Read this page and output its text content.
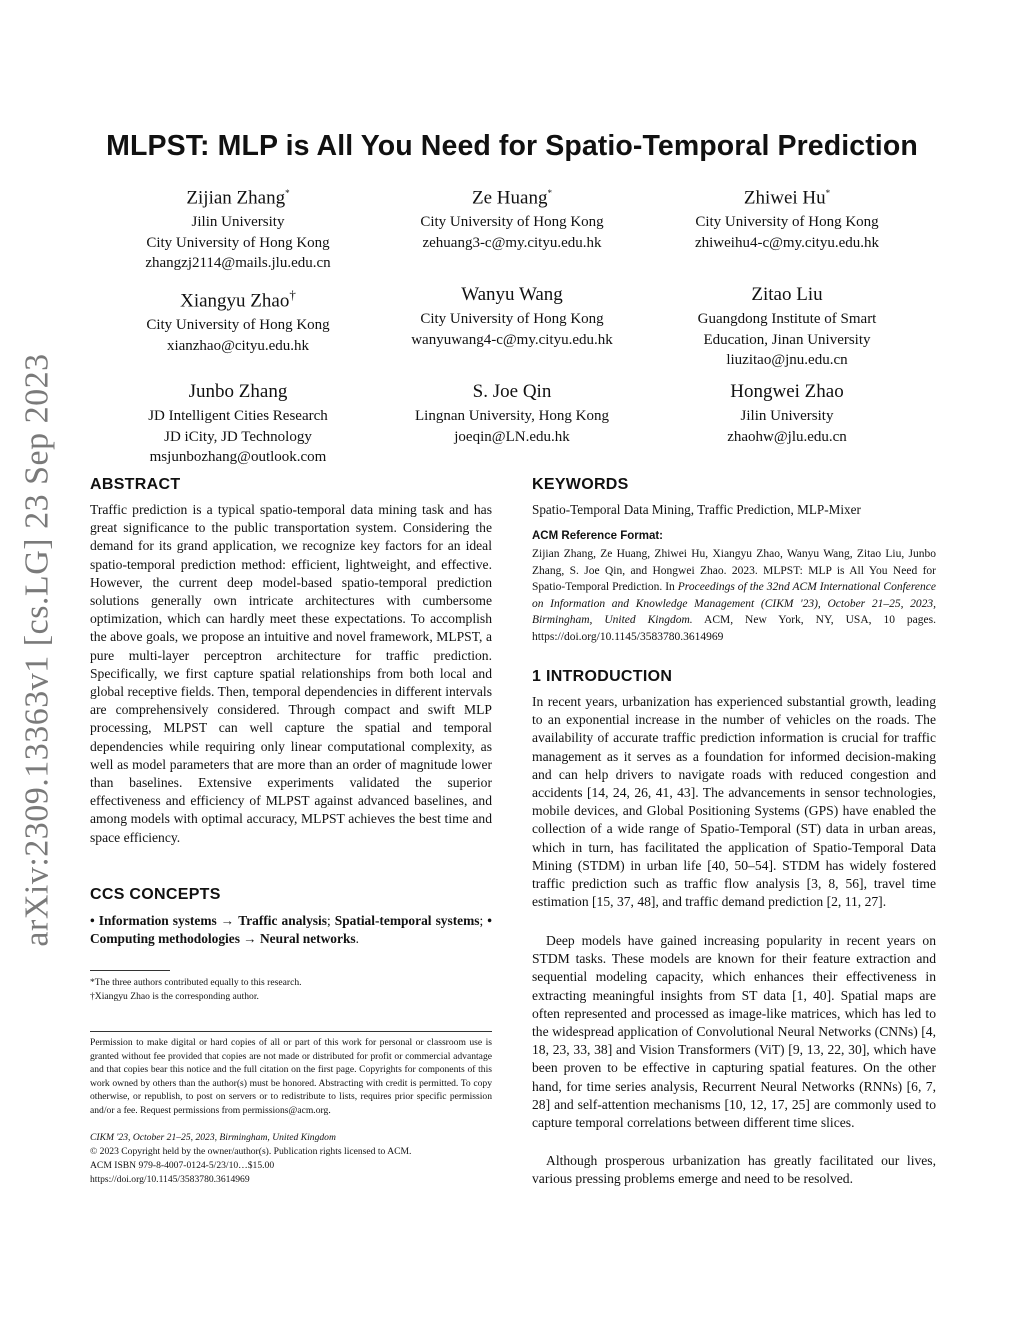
arXiv:2309.13363v1 [cs.LG] 23 Sep 2023
MLPST: MLP is All You Need for Spatio-Temporal Prediction
Zijian Zhang*
Jilin University
City University of Hong Kong
zhangzj2114@mails.jlu.edu.cn
Ze Huang*
City University of Hong Kong
zehuang3-c@my.cityu.edu.hk
Zhiwei Hu*
City University of Hong Kong
zhiweihu4-c@my.cityu.edu.hk
Xiangyu Zhao†
City University of Hong Kong
xianzhao@cityu.edu.hk
Wanyu Wang
City University of Hong Kong
wanyuwang4-c@my.cityu.edu.hk
Zitao Liu
Guangdong Institute of Smart
Education, Jinan University
liuzitao@jnu.edu.cn
Junbo Zhang
JD Intelligent Cities Research
JD iCity, JD Technology
msjunbozhang@outlook.com
S. Joe Qin
Lingnan University, Hong Kong
joeqin@LN.edu.hk
Hongwei Zhao
Jilin University
zhaohw@jlu.edu.cn
ABSTRACT

Traffic prediction is a typical spatio-temporal data mining task and has great significance to the public transportation system. Considering the demand for its grand application, we recognize key factors for an ideal spatio-temporal prediction method: efficient, lightweight, and effective. However, the current deep model-based spatio-temporal prediction solutions generally own intricate architectures with cumbersome optimization, which can hardly meet these expectations. To accomplish the above goals, we propose an intuitive and novel framework, MLPST, a pure multi-layer perceptron architecture for traffic prediction. Specifically, we first capture spatial relationships from both local and global receptive fields. Then, temporal dependencies in different intervals are comprehensively considered. Through compact and swift MLP processing, MLPST can well capture the spatial and temporal dependencies while requiring only linear computational complexity, as well as model parameters that are more than an order of magnitude lower than baselines. Extensive experiments validated the superior effectiveness and efficiency of MLPST against advanced baselines, and among models with optimal accuracy, MLPST achieves the best time and space efficiency.

CCS CONCEPTS

• Information systems → Traffic analysis; Spatial-temporal systems; • Computing methodologies → Neural networks.

*The three authors contributed equally to this research.

†Xiangyu Zhao is the corresponding author.

Permission to make digital or hard copies of all or part of this work for personal or classroom use is granted without fee provided that copies are not made or distributed for profit or commercial advantage and that copies bear this notice and the full citation on the first page. Copyrights for components of this work owned by others than the author(s) must be honored. Abstracting with credit is permitted. To copy otherwise, or republish, to post on servers or to redistribute to lists, requires prior specific permission and/or a fee. Request permissions from permissions@acm.org.

CIKM '23, October 21–25, 2023, Birmingham, United Kingdom

© 2023 Copyright held by the owner/author(s). Publication rights licensed to ACM.

ACM ISBN 979-8-4007-0124-5/23/10…$15.00

https://doi.org/10.1145/3583780.3614969

KEYWORDS

Spatio-Temporal Data Mining, Traffic Prediction, MLP-Mixer

ACM Reference Format:

Zijian Zhang, Ze Huang, Zhiwei Hu, Xiangyu Zhao, Wanyu Wang, Zitao Liu, Junbo Zhang, S. Joe Qin, and Hongwei Zhao. 2023. MLPST: MLP is All You Need for Spatio-Temporal Prediction. In Proceedings of the 32nd ACM International Conference on Information and Knowledge Management (CIKM '23), October 21–25, 2023, Birmingham, United Kingdom. ACM, New York, NY, USA, 10 pages. https://doi.org/10.1145/3583780.3614969

1 INTRODUCTION

In recent years, urbanization has experienced substantial growth, leading to an exponential increase in the number of vehicles on the roads. The availability of accurate traffic prediction information is crucial for traffic management as it serves as a foundation for informed decision-making and can help drivers to navigate roads with reduced congestion and accidents [14, 24, 26, 41, 43]. The advancements in sensor technologies, mobile devices, and Global Positioning Systems (GPS) have enabled the collection of a wide range of Spatio-Temporal (ST) data in urban areas, which in turn, has facilitated the application of Spatio-Temporal Data Mining (STDM) in urban life [40, 50–54]. STDM has widely fostered traffic prediction such as traffic flow analysis [3, 8, 56], travel time estimation [15, 37, 48], and traffic demand prediction [2, 11, 27].

Deep models have gained increasing popularity in recent years on STDM tasks. These models are known for their feature extraction and sequential modeling capacity, which enhances their effectiveness in extracting meaningful insights from ST data [1, 40]. Spatial maps are often represented and processed as image-like matrices, which has led to the widespread application of Convolutional Neural Networks (CNNs) [4, 18, 23, 33, 38] and Vision Transformers (ViT) [9, 13, 22, 30], which have been proven to be effective in capturing spatial features. On the other hand, for time series analysis, Recurrent Neural Networks (RNNs) [6, 7, 28] and self-attention mechanisms [10, 12, 17, 25] are commonly used to capture temporal correlations between different time slices.

Although prosperous urbanization has greatly facilitated our lives, various pressing problems emerge and need to be resolved.
